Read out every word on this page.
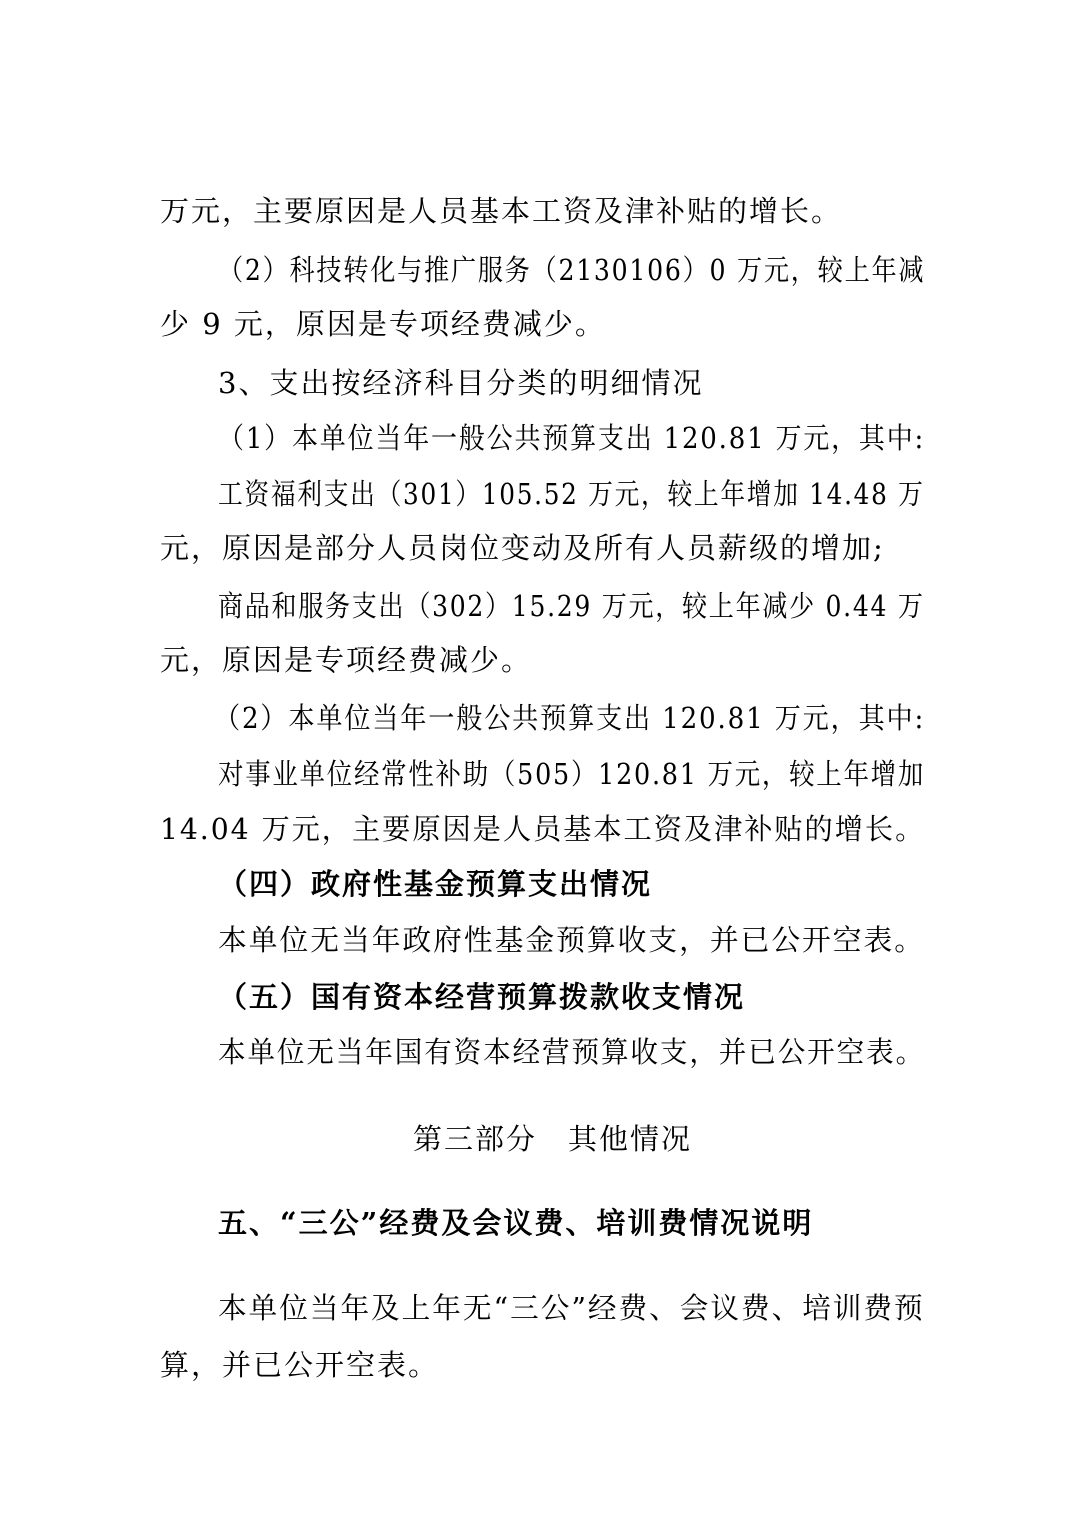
万元，主要原因是人员基本工资及津补贴的增长。
（2）科技转化与推广服务（2130106）0 万元，较上年减
少 9 元，原因是专项经费减少。
3、支出按经济科目分类的明细情况
（1）本单位当年一般公共预算支出 120.81 万元，其中:
工资福利支出（301）105.52 万元，较上年增加 14.48 万
元，原因是部分人员岗位变动及所有人员薪级的增加;
商品和服务支出（302）15.29 万元，较上年减少 0.44 万
元，原因是专项经费减少。
（2）本单位当年一般公共预算支出 120.81 万元，其中:
对事业单位经常性补助（505）120.81 万元，较上年增加
14.04 万元，主要原因是人员基本工资及津补贴的增长。
（四）政府性基金预算支出情况
本单位无当年政府性基金预算收支，并已公开空表。
（五）国有资本经营预算拨款收支情况
本单位无当年国有资本经营预算收支，并已公开空表。
第三部分　其他情况
五、“三公”经费及会议费、培训费情况说明
本单位当年及上年无“三公”经费、会议费、培训费预
算，并已公开空表。
